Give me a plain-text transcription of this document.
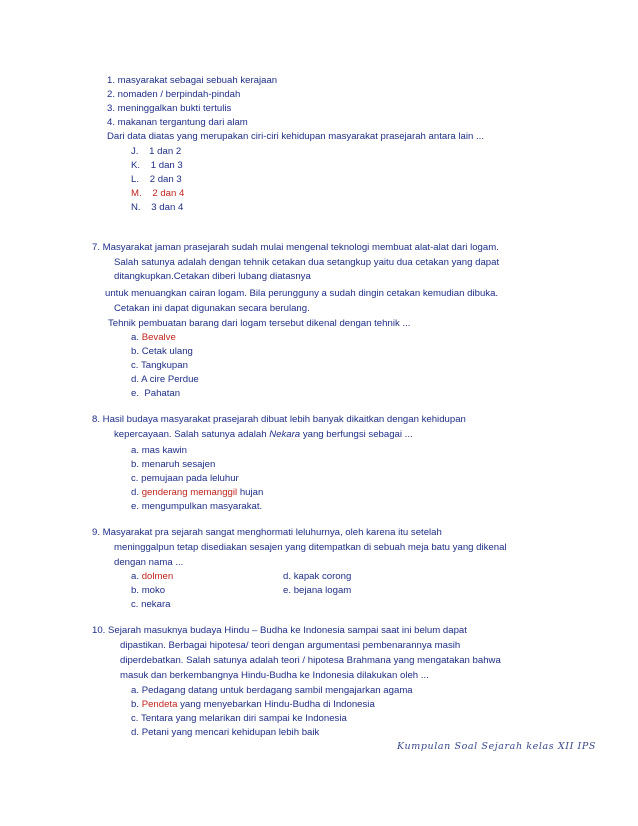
1. masyarakat sebagai sebuah kerajaan
2. nomaden / berpindah-pindah
3. meninggalkan bukti tertulis
4. makanan tergantung dari alam
Dari data diatas yang merupakan ciri-ciri kehidupan masyarakat prasejarah antara lain ...
J. 1 dan 2
K. 1 dan 3
L. 2 dan 3
M. 2 dan 4
N. 3 dan 4
7. Masyarakat jaman prasejarah sudah mulai mengenal teknologi membuat alat-alat dari logam.
Salah satunya adalah dengan tehnik cetakan dua setangkup yaitu dua cetakan yang dapat
ditangkupkan.Cetakan diberi lubang diatasnya
untuk menuangkan cairan logam. Bila perungguny a sudah dingin cetakan kemudian dibuka.
Cetakan ini dapat digunakan secara berulang.
Tehnik pembuatan barang dari logam tersebut dikenal dengan tehnik ...
a. Bevalve
b. Cetak ulang
c. Tangkupan
d. A cire Perdue
e. Pahatan
8. Hasil budaya masyarakat prasejarah dibuat lebih banyak dikaitkan dengan kehidupan
kepercayaan. Salah satunya adalah Nekara yang berfungsi sebagai ...
a. mas kawin
b. menaruh sesajen
c. pemujaan pada leluhur
d. genderang memanggil hujan
e. mengumpulkan masyarakat.
9. Masyarakat pra sejarah sangat menghormati leluhurnya, oleh karena itu setelah
meninggalpun tetap disediakan sesajen yang ditempatkan di sebuah meja batu yang dikenal
dengan nama ...
a. dolmen
b. moko
c. nekara
d. kapak corong
e. bejana logam
10. Sejarah masuknya budaya Hindu – Budha ke Indonesia sampai saat ini belum dapat
dipastikan. Berbagai hipotesa/ teori dengan argumentasi pembenarannya masih
diperdebatkan. Salah satunya adalah teori / hipotesa Brahmana yang mengatakan bahwa
masuk dan berkembangnya Hindu-Budha ke Indonesia dilakukan oleh ...
a. Pedagang datang untuk berdagang sambil mengajarkan agama
b. Pendeta yang menyebarkan Hindu-Budha di Indonesia
c. Tentara yang melarikan diri sampai ke Indonesia
d. Petani yang mencari kehidupan lebih baik
Kumpulan Soal Sejarah kelas XII IPS
